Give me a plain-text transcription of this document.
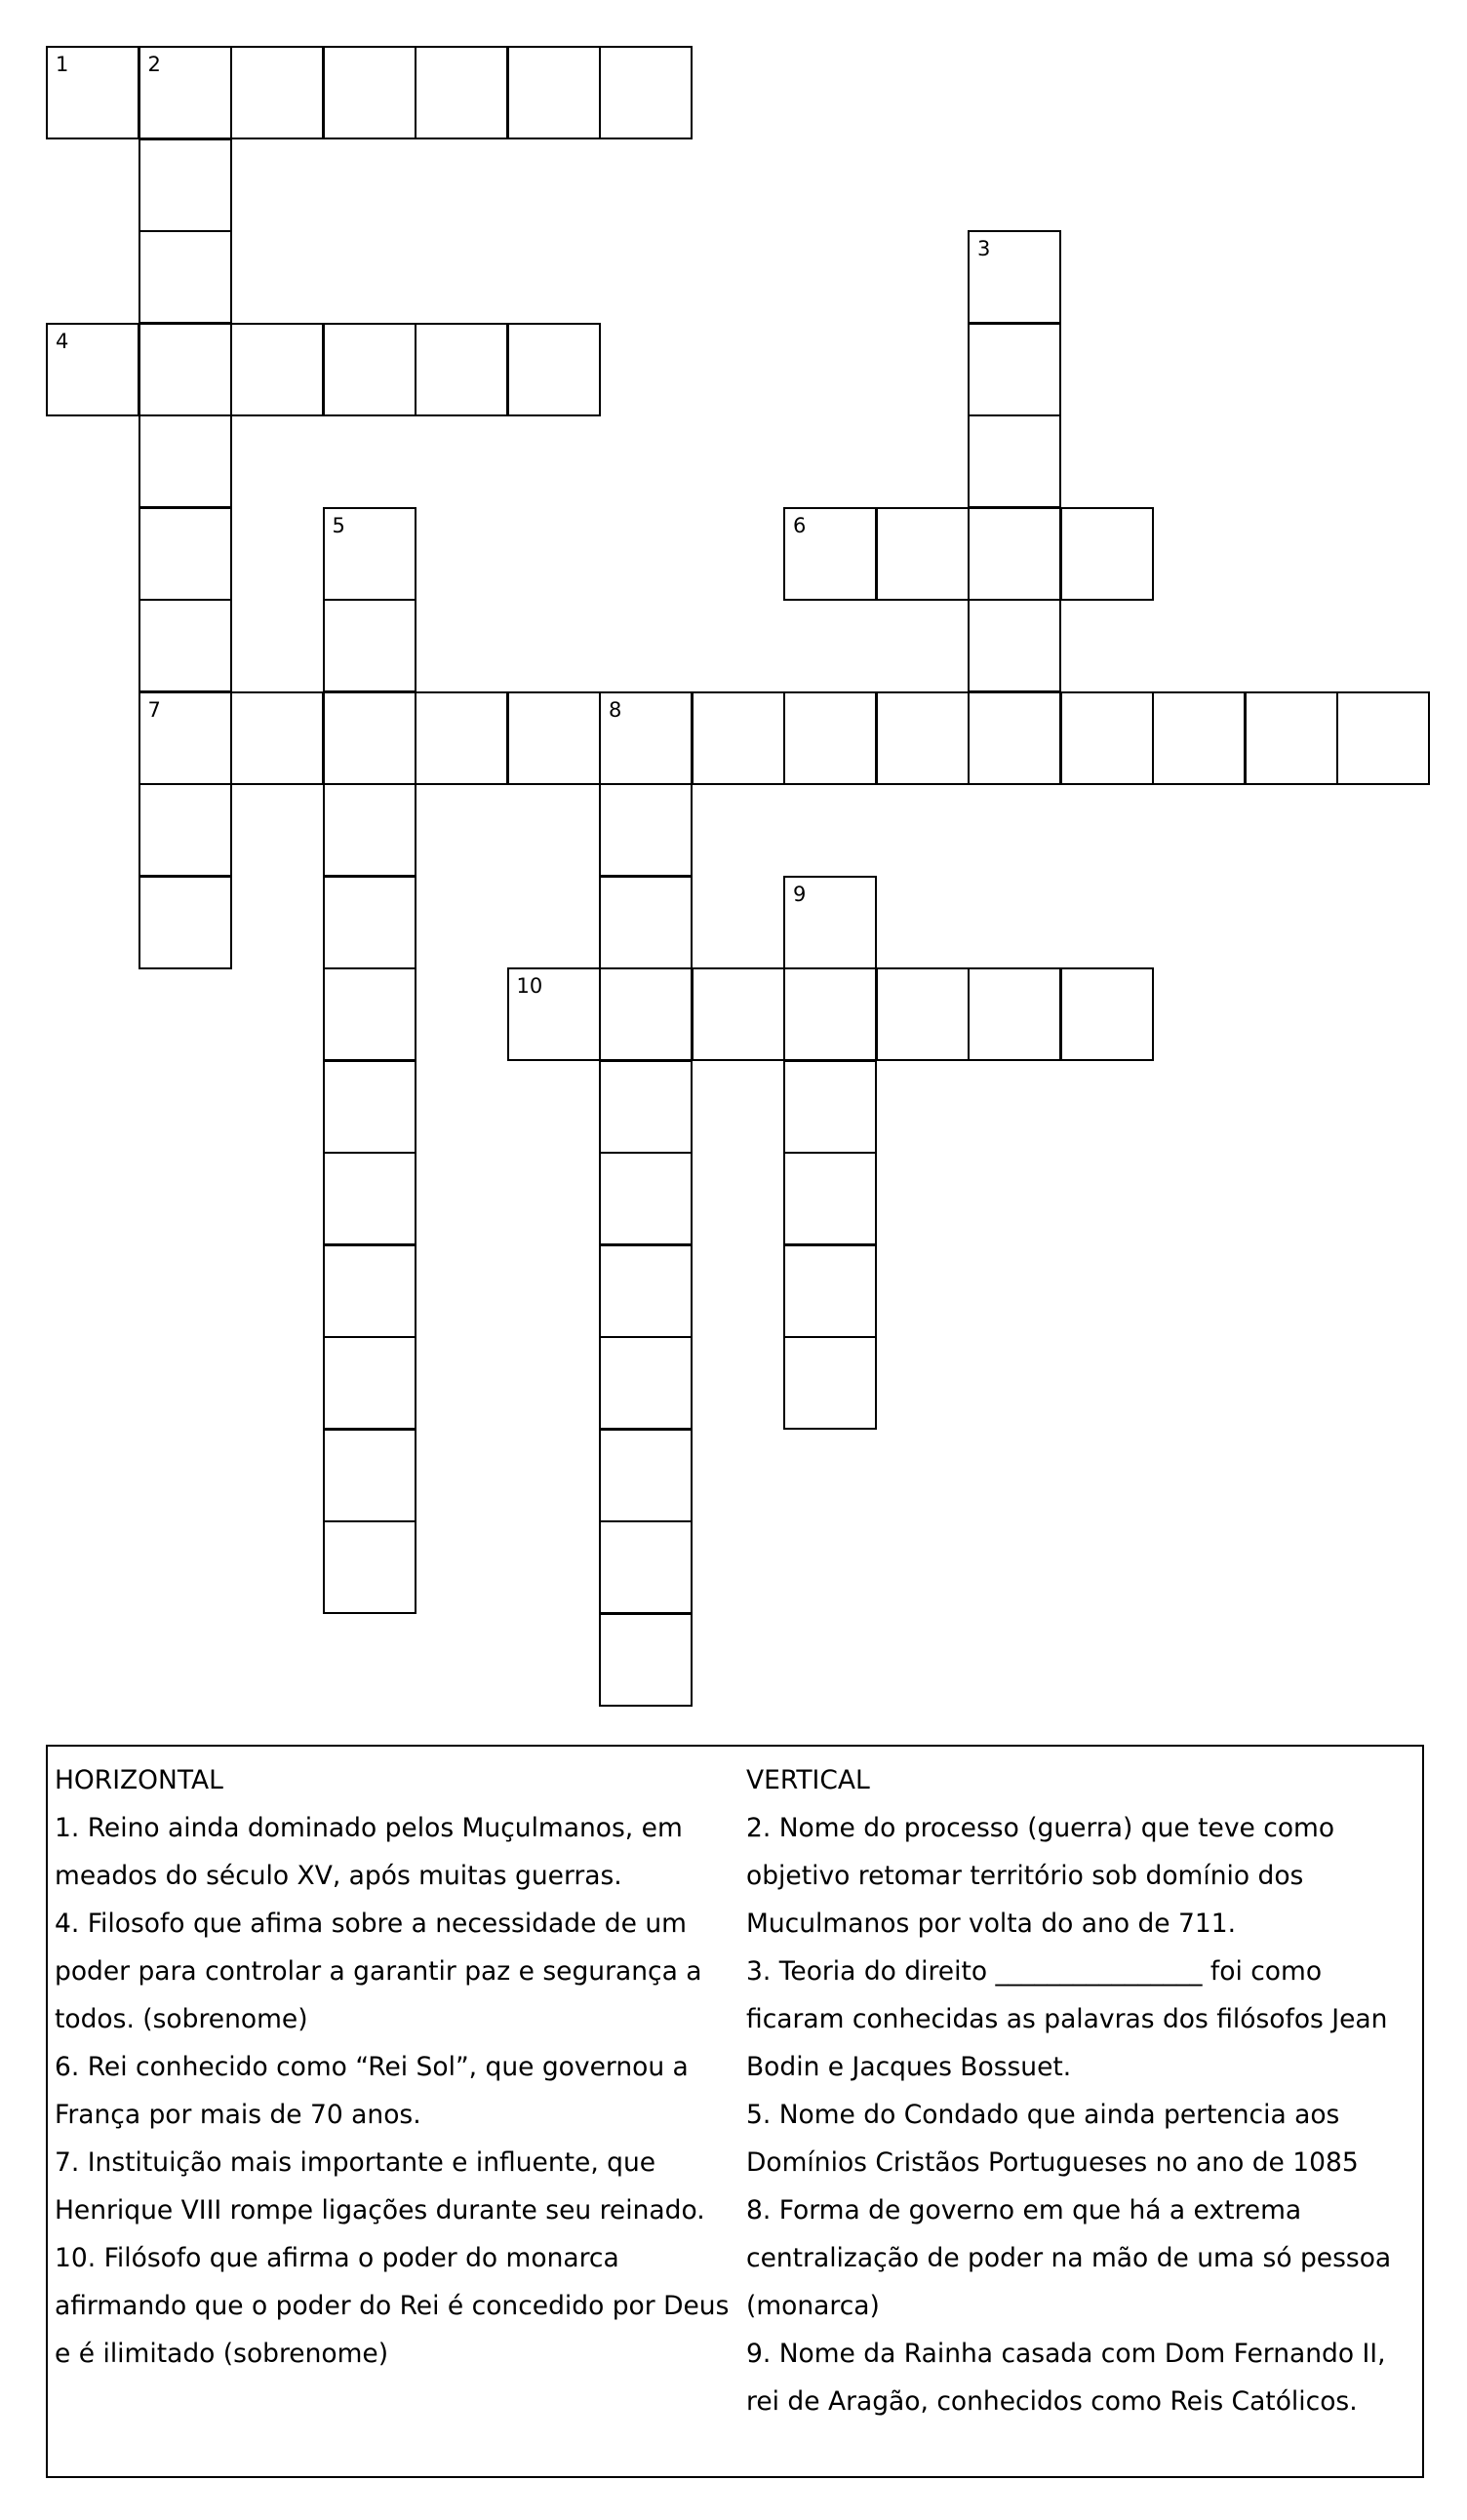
1	2
7
3
4
5	6
8
9
10
HORIZONTAL
1. Reino ainda dominado pelos Muçulmanos, em
meados do século XV, após muitas guerras.
4. Filosofo que afima sobre a necessidade de um
poder para controlar a garantir paz e segurança a
todos. (sobrenome)
6. Rei conhecido como “Rei Sol”, que governou a
França por mais de 70 anos.
7. Instituição mais importante e influente, que
Henrique VIII rompe ligações durante seu reinado.
10. Filósofo que afirma o poder do monarca
afirmando que o poder do Rei é concedido por Deus
e é ilimitado (sobrenome)
VERTICAL
2. Nome do processo (guerra) que teve como
objetivo retomar território sob domínio dos
Muculmanos por volta do ano de 711.
3. Teoria do direito ________________ foi como
ficaram conhecidas as palavras dos filósofos Jean
Bodin e Jacques Bossuet.
5. Nome do Condado que ainda pertencia aos
Domínios Cristãos Portugueses no ano de 1085
8. Forma de governo em que há a extrema
centralização de poder na mão de uma só pessoa
(monarca)
9. Nome da Rainha casada com Dom Fernando II,
rei de Aragão, conhecidos como Reis Católicos.
